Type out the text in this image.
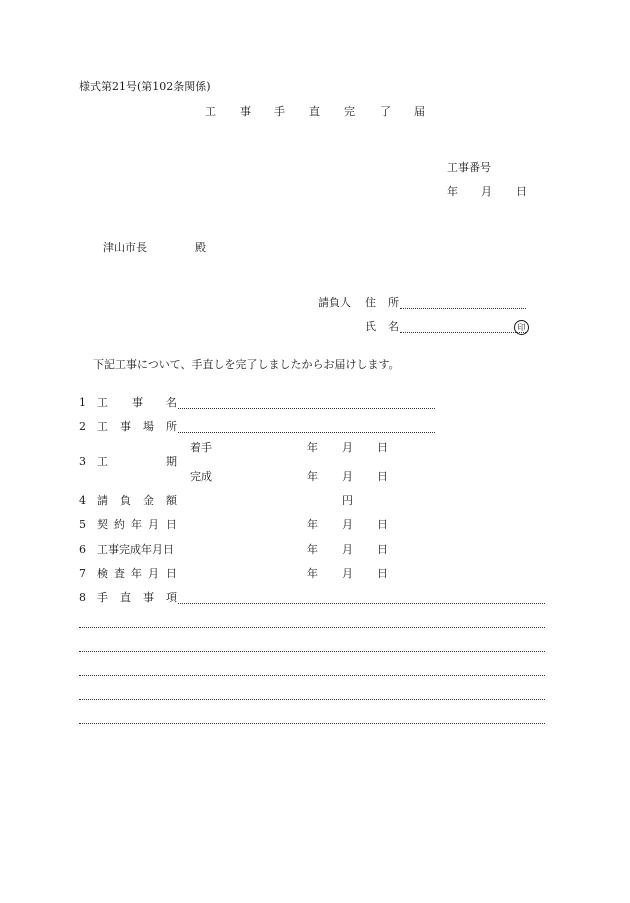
様式第21号(第102条関係)
工 事 手 直 完 了 届
工事番号
年 月 日
津山市長	殿
請負人 住 所
氏 名	印
下記工事について、手直しを完了しましたからお届けします。
1 工 事 名
2 工 事 場 所
着手	年 月 日
3 工	期
完成	年 月 日
4 請 負 金 額	円
5 契 約 年 月 日	年 月 日
6 工事完成年月日	年 月 日
7 検 査 年 月 日	年 月 日
8 手 直 事 項
